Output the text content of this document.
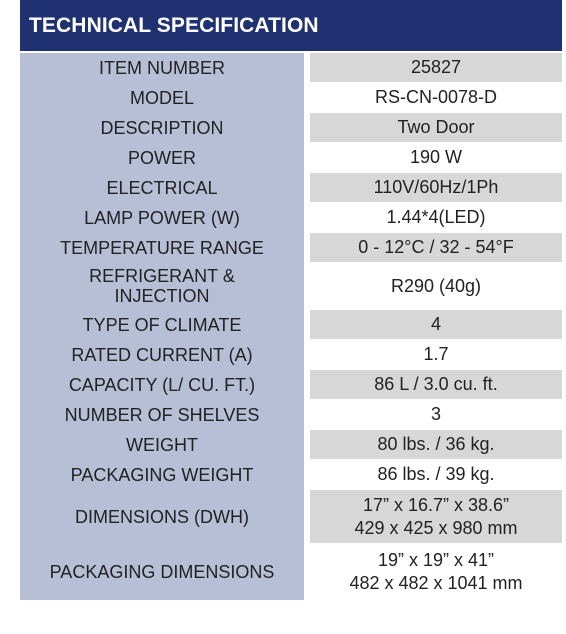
TECHNICAL SPECIFICATION
ITEM NUMBER		25827

MODEL		RS-CN-0078-D

DESCRIPTION		Two Door

POWER		190 W

ELECTRICAL		110V/60Hz/1Ph

LAMP POWER (W)		1.44*4(LED)

TEMPERATURE RANGE		0 - 12°C / 32 - 54°F

REFRIGERANT &
INJECTION		R290 (40g)

TYPE OF CLIMATE		4

RATED CURRENT (A)		1.7

CAPACITY (L/ CU. FT.)		86 L / 3.0 cu. ft.

NUMBER OF SHELVES		3

WEIGHT		80 lbs. / 36 kg.

PACKAGING WEIGHT		86 lbs. / 39 kg.

DIMENSIONS (DWH)		17” x 16.7” x 38.6”
429 x 425 x 980 mm

PACKAGING DIMENSIONS		19” x 19” x 41”
482 x 482 x 1041 mm
